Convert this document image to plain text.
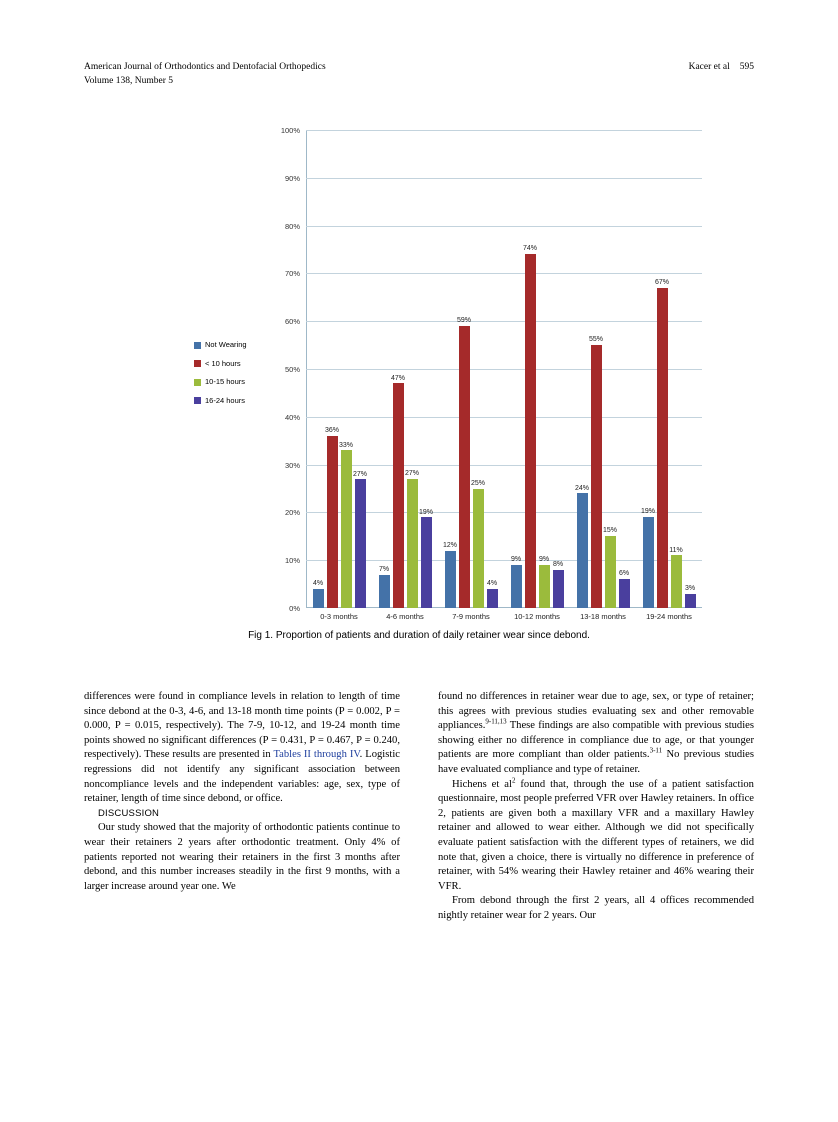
American Journal of Orthodontics and Dentofacial Orthopedics
Volume 138, Number 5
Kacer et al 595
Not Wearing
< 10 hours
10-15 hours
16-24 hours
100%
90%
80%
70%
60%
50%
40%
30%
20%
10%
0%
4%
36%
33%
27%
7%
47%
27%
19%
12%
59%
25%
4%
9%
74%
9%
8%
24%
55%
15%
6%
19%
67%
11%
3%
0-3 months	4-6 months	7-9 months	10-12 months	13-18 months	19-24 months
Fig 1. Proportion of patients and duration of daily retainer wear since debond.

differences were found in compliance levels in relation to length of time since debond at the 0-3, 4-6, and 13-18 month time points (P = 0.002, P = 0.000, P = 0.015, respectively). The 7-9, 10-12, and 19-24 month time points showed no significant differences (P = 0.431, P = 0.467, P = 0.240, respectively). These results are presented in Tables II through IV. Logistic regressions did not identify any significant association between noncompliance levels and the independent variables: age, sex, type of retainer, length of time since debond, or office.

DISCUSSION

Our study showed that the majority of orthodontic patients continue to wear their retainers 2 years after orthodontic treatment. Only 4% of patients reported not wearing their retainers in the first 3 months after debond, and this number increases steadily in the first 9 months, with a larger increase around year one. We

found no differences in retainer wear due to age, sex, or type of retainer; this agrees with previous studies evaluating sex and other removable appliances.$^{9-11,13}$ These findings are also compatible with previous studies showing either no difference in compliance due to age, or that younger patients are more compliant than older patients.$^{3-11}$ No previous studies have evaluated compliance and type of retainer.

Hichens et $al^2$ found that, through the use of a patient satisfaction questionnaire, most people preferred VFR over Hawley retainers. In office 2, patients are given both a maxillary VFR and a maxillary Hawley retainer and allowed to wear either. Although we did not specifically evaluate patient satisfaction with the different types of retainers, we did note that, given a choice, there is virtually no difference in preference of retainer, with 54% wearing their Hawley retainer and 46% wearing their VFR.

From debond through the first 2 years, all 4 offices recommended nightly retainer wear for 2 years. Our
